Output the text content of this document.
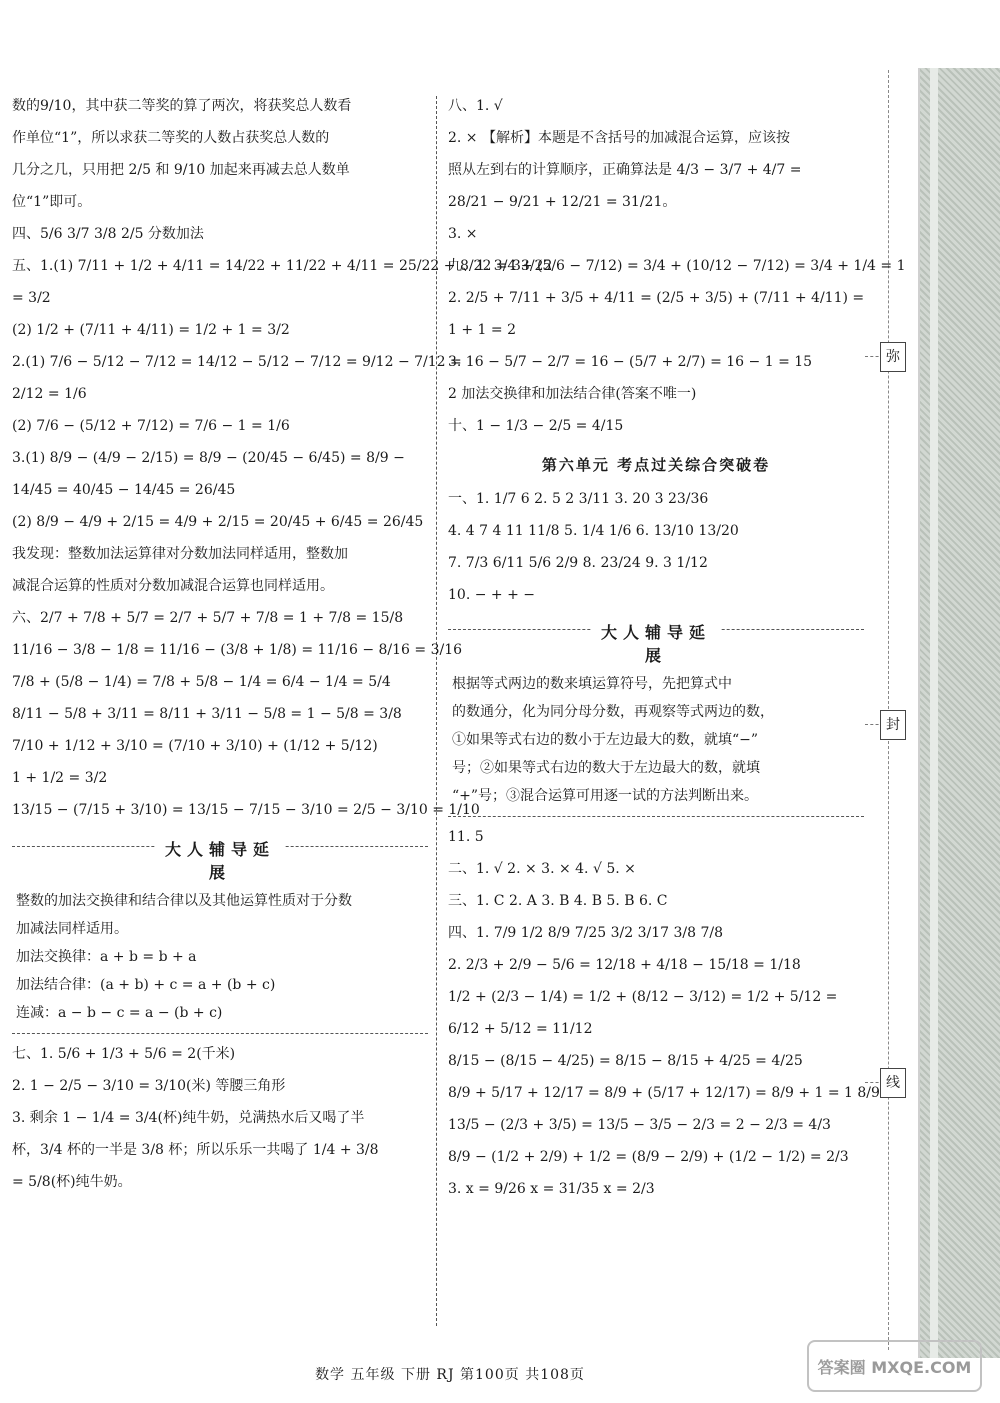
弥
封
线
数的9/10，其中获二等奖的算了两次，将获奖总人数看
作单位“1”，所以求获二等奖的人数占获奖总人数的
几分之几，只用把 2/5 和 9/10 加起来再减去总人数单
位“1”即可。
四、5/6 3/7 3/8 2/5 分数加法
五、1.(1) 7/11 + 1/2 + 4/11 = 14/22 + 11/22 + 4/11 = 25/22 + 8/22 = 33/22
= 3/2
(2) 1/2 + (7/11 + 4/11) = 1/2 + 1 = 3/2
2.(1) 7/6 − 5/12 − 7/12 = 14/12 − 5/12 − 7/12 = 9/12 − 7/12 =
2/12 = 1/6
(2) 7/6 − (5/12 + 7/12) = 7/6 − 1 = 1/6
3.(1) 8/9 − (4/9 − 2/15) = 8/9 − (20/45 − 6/45) = 8/9 −
14/45 = 40/45 − 14/45 = 26/45
(2) 8/9 − 4/9 + 2/15 = 4/9 + 2/15 = 20/45 + 6/45 = 26/45
我发现：整数加法运算律对分数加法同样适用，整数加
减混合运算的性质对分数加减混合运算也同样适用。
六、2/7 + 7/8 + 5/7 = 2/7 + 5/7 + 7/8 = 1 + 7/8 = 15/8
11/16 − 3/8 − 1/8 = 11/16 − (3/8 + 1/8) = 11/16 − 8/16 = 3/16
7/8 + (5/8 − 1/4) = 7/8 + 5/8 − 1/4 = 6/4 − 1/4 = 5/4
8/11 − 5/8 + 3/11 = 8/11 + 3/11 − 5/8 = 1 − 5/8 = 3/8
7/10 + 1/12 + 3/10 = (7/10 + 3/10) + (1/12 + 5/12)
1 + 1/2 = 3/2
13/15 − (7/15 + 3/10) = 13/15 − 7/15 − 3/10 = 2/5 − 3/10 = 1/10
大人辅导延展
整数的加法交换律和结合律以及其他运算性质对于分数
加减法同样适用。
加法交换律：a + b = b + a
加法结合律：(a + b) + c = a + (b + c)
连减：a − b − c = a − (b + c)
七、1. 5/6 + 1/3 + 5/6 = 2(千米)
2. 1 − 2/5 − 3/10 = 3/10(米) 等腰三角形
3. 剩余 1 − 1/4 = 3/4(杯)纯牛奶，兑满热水后又喝了半
杯，3/4 杯的一半是 3/8 杯；所以乐乐一共喝了 1/4 + 3/8
= 5/8(杯)纯牛奶。
八、1. √
2. × 【解析】本题是不含括号的加减混合运算，应该按
照从左到右的计算顺序，正确算法是 4/3 − 3/7 + 4/7 =
28/21 − 9/21 + 12/21 = 31/21。
3. ×
九、1. 3/4 + (5/6 − 7/12) = 3/4 + (10/12 − 7/12) = 3/4 + 1/4 = 1
2. 2/5 + 7/11 + 3/5 + 4/11 = (2/5 + 3/5) + (7/11 + 4/11) =
1 + 1 = 2
3. 16 − 5/7 − 2/7 = 16 − (5/7 + 2/7) = 16 − 1 = 15
2 加法交换律和加法结合律(答案不唯一)
十、1 − 1/3 − 2/5 = 4/15
第六单元 考点过关综合突破卷
一、1. 1/7 6 2. 5 2 3/11 3. 20 3 23/36
4. 4 7 4 11 11/8 5. 1/4 1/6 6. 13/10 13/20
7. 7/3 6/11 5/6 2/9 8. 23/24 9. 3 1/12
10. − + + −
大人辅导延展
根据等式两边的数来填运算符号，先把算式中
的数通分，化为同分母分数，再观察等式两边的数，
①如果等式右边的数小于左边最大的数，就填“−”
号；②如果等式右边的数大于左边最大的数，就填
“+”号；③混合运算可用逐一试的方法判断出来。
11. 5
二、1. √ 2. × 3. × 4. √ 5. ×
三、1. C 2. A 3. B 4. B 5. B 6. C
四、1. 7/9 1/2 8/9 7/25 3/2 3/17 3/8 7/8
2. 2/3 + 2/9 − 5/6 = 12/18 + 4/18 − 15/18 = 1/18
1/2 + (2/3 − 1/4) = 1/2 + (8/12 − 3/12) = 1/2 + 5/12 =
6/12 + 5/12 = 11/12
8/15 − (8/15 − 4/25) = 8/15 − 8/15 + 4/25 = 4/25
8/9 + 5/17 + 12/17 = 8/9 + (5/17 + 12/17) = 8/9 + 1 = 1 8/9
13/5 − (2/3 + 3/5) = 13/5 − 3/5 − 2/3 = 2 − 2/3 = 4/3
8/9 − (1/2 + 2/9) + 1/2 = (8/9 − 2/9) + (1/2 − 1/2) = 2/3
3. x = 9/26 x = 31/35 x = 2/3
数学 五年级 下册 RJ 第100页 共108页	答案圈 MXQE.COM
